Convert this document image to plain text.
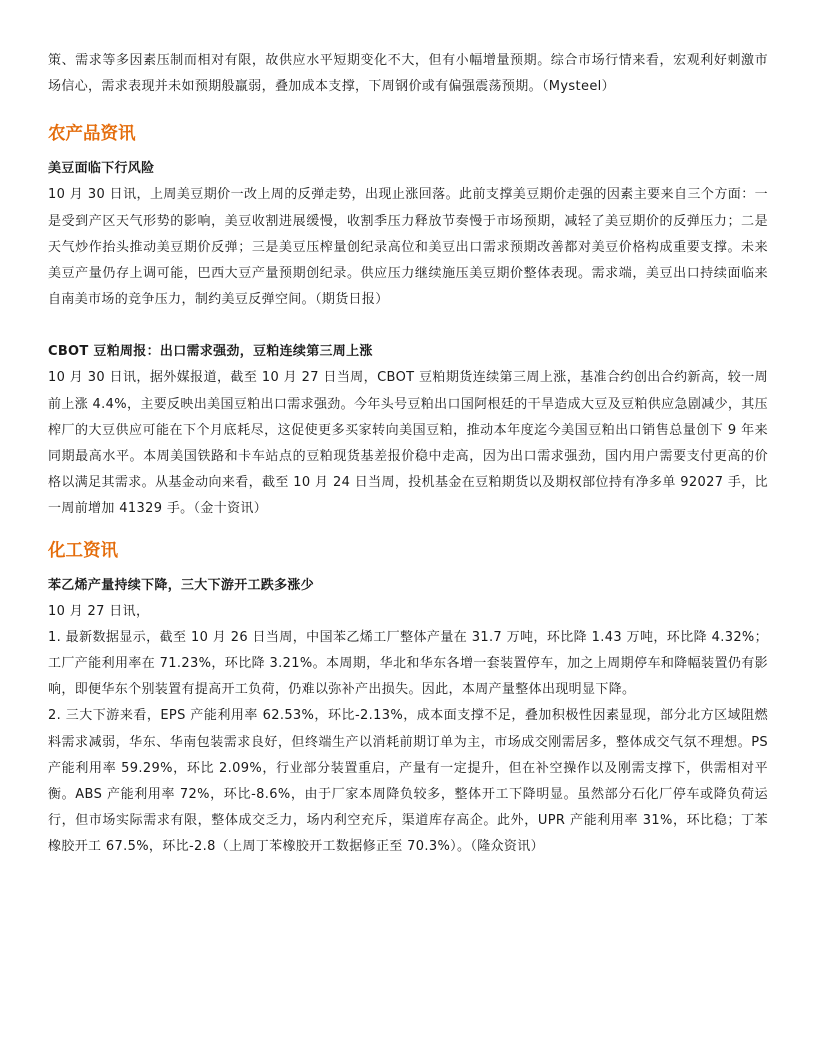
策、需求等多因素压制而相对有限，故供应水平短期变化不大，但有小幅增量预期。综合市场行情来看，宏观利好刺激市场信心，需求表现并未如预期般羸弱，叠加成本支撑，下周钢价或有偏强震荡预期。（Mysteel）

农产品资讯
美豆面临下行风险

10 月 30 日讯，上周美豆期价一改上周的反弹走势，出现止涨回落。此前支撑美豆期价走强的因素主要来自三个方面：一是受到产区天气形势的影响，美豆收割进展缓慢，收割季压力释放节奏慢于市场预期，减轻了美豆期价的反弹压力；二是天气炒作抬头推动美豆期价反弹；三是美豆压榨量创纪录高位和美豆出口需求预期改善都对美豆价格构成重要支撑。未来美豆产量仍存上调可能，巴西大豆产量预期创纪录。供应压力继续施压美豆期价整体表现。需求端，美豆出口持续面临来自南美市场的竞争压力，制约美豆反弹空间。（期货日报）

CBOT 豆粕周报：出口需求强劲，豆粕连续第三周上涨

10 月 30 日讯，据外媒报道，截至 10 月 27 日当周，CBOT 豆粕期货连续第三周上涨，基准合约创出合约新高，较一周前上涨 4.4%，主要反映出美国豆粕出口需求强劲。今年头号豆粕出口国阿根廷的干旱造成大豆及豆粕供应急剧减少，其压榨厂的大豆供应可能在下个月底耗尽，这促使更多买家转向美国豆粕，推动本年度迄今美国豆粕出口销售总量创下 9 年来同期最高水平。本周美国铁路和卡车站点的豆粕现货基差报价稳中走高，因为出口需求强劲，国内用户需要支付更高的价格以满足其需求。从基金动向来看，截至 10 月 24 日当周，投机基金在豆粕期货以及期权部位持有净多单 92027 手，比一周前增加 41329 手。（金十资讯）

化工资讯
苯乙烯产量持续下降，三大下游开工跌多涨少

10 月 27 日讯，

1. 最新数据显示，截至 10 月 26 日当周，中国苯乙烯工厂整体产量在 31.7 万吨，环比降 1.43 万吨，环比降 4.32%；工厂产能利用率在 71.23%，环比降 3.21%。本周期，华北和华东各增一套装置停车，加之上周期停车和降幅装置仍有影响，即便华东个别装置有提高开工负荷，仍难以弥补产出损失。因此，本周产量整体出现明显下降。

2. 三大下游来看，EPS 产能利用率 62.53%，环比-2.13%，成本面支撑不足，叠加积极性因素显现，部分北方区域阻燃料需求减弱，华东、华南包装需求良好，但终端生产以消耗前期订单为主，市场成交刚需居多，整体成交气氛不理想。PS 产能利用率 59.29%，环比 2.09%，行业部分装置重启，产量有一定提升，但在补空操作以及刚需支撑下，供需相对平衡。ABS 产能利用率 72%，环比-8.6%，由于厂家本周降负较多，整体开工下降明显。虽然部分石化厂停车或降负荷运行，但市场实际需求有限，整体成交乏力，场内利空充斥，渠道库存高企。此外，UPR 产能利用率 31%，环比稳；丁苯橡胶开工 67.5%，环比-2.8（上周丁苯橡胶开工数据修正至 70.3%）。（隆众资讯）
